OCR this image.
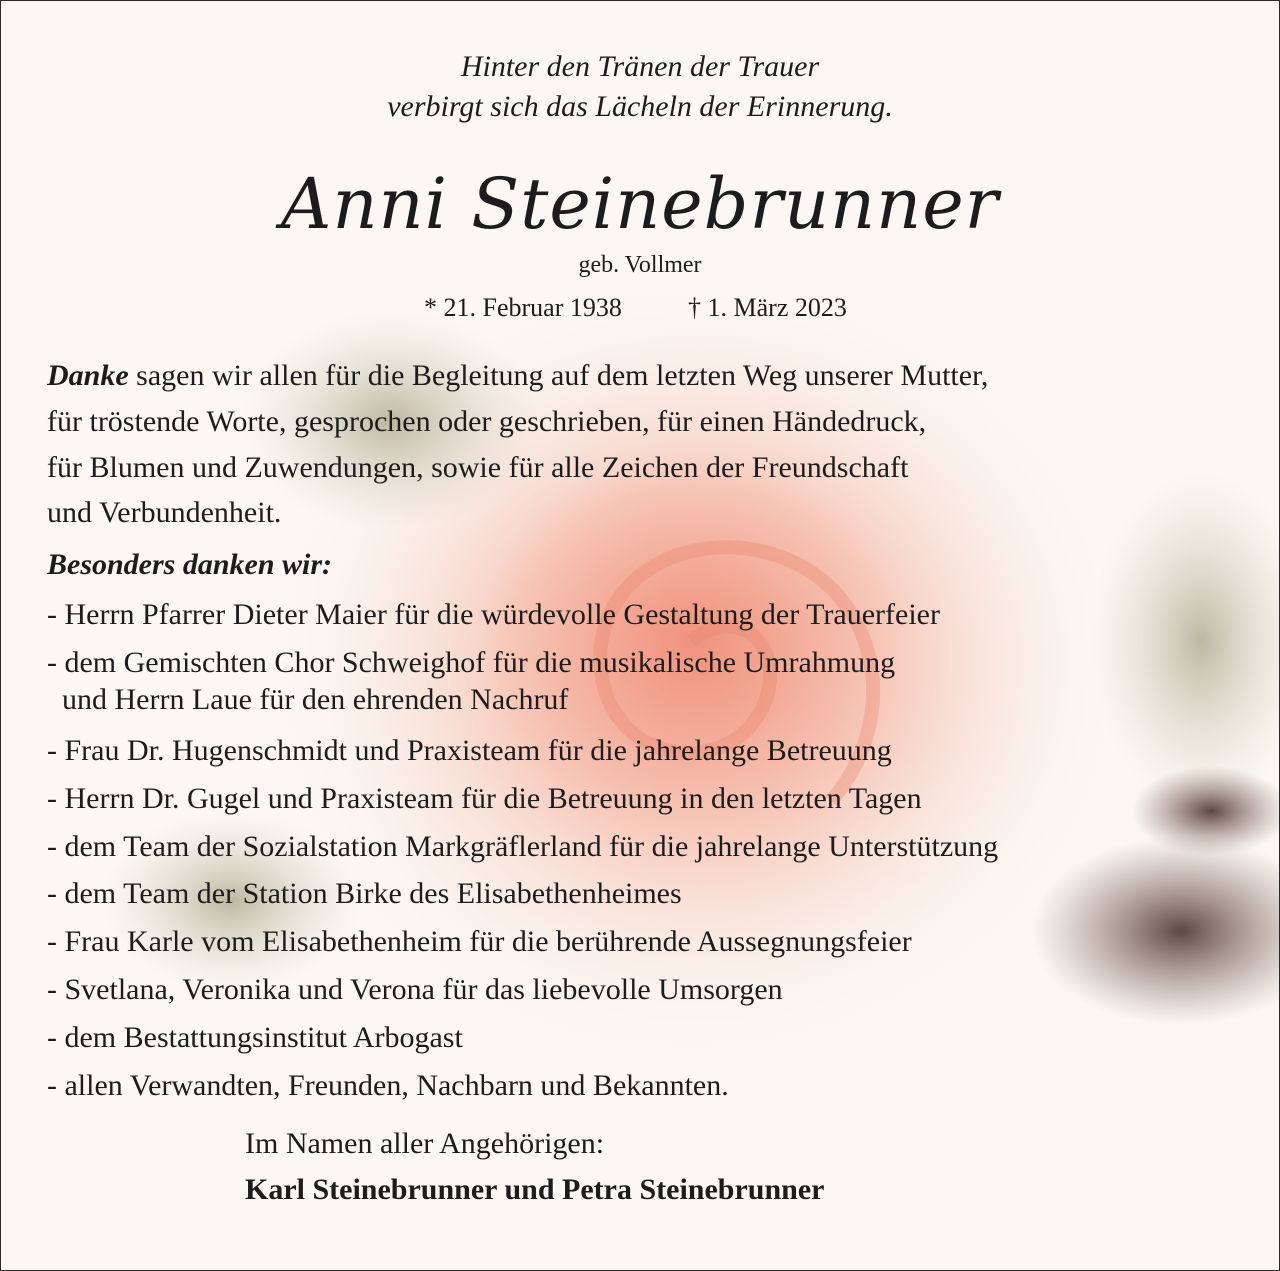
Hinter den Tränen der Trauer
verbirgt sich das Lächeln der Erinnerung.
Anni Steinebrunner
geb. Vollmer
* 21. Februar 1938	† 1. März 2023
Danke sagen wir allen für die Begleitung auf dem letzten Weg unserer Mutter,
für tröstende Worte, gesprochen oder geschrieben, für einen Händedruck,
für Blumen und Zuwendungen, sowie für alle Zeichen der Freundschaft
und Verbundenheit.
Besonders danken wir:
- Herrn Pfarrer Dieter Maier für die würdevolle Gestaltung der Trauerfeier
- dem Gemischten Chor Schweighof für die musikalische Umrahmung
und Herrn Laue für den ehrenden Nachruf
- Frau Dr. Hugenschmidt und Praxisteam für die jahrelange Betreuung
- Herrn Dr. Gugel und Praxisteam für die Betreuung in den letzten Tagen
- dem Team der Sozialstation Markgräflerland für die jahrelange Unterstützung
- dem Team der Station Birke des Elisabethenheimes
- Frau Karle vom Elisabethenheim für die berührende Aussegnungsfeier
- Svetlana, Veronika und Verona für das liebevolle Umsorgen
- dem Bestattungsinstitut Arbogast
- allen Verwandten, Freunden, Nachbarn und Bekannten.
Im Namen aller Angehörigen:
Karl Steinebrunner und Petra Steinebrunner
